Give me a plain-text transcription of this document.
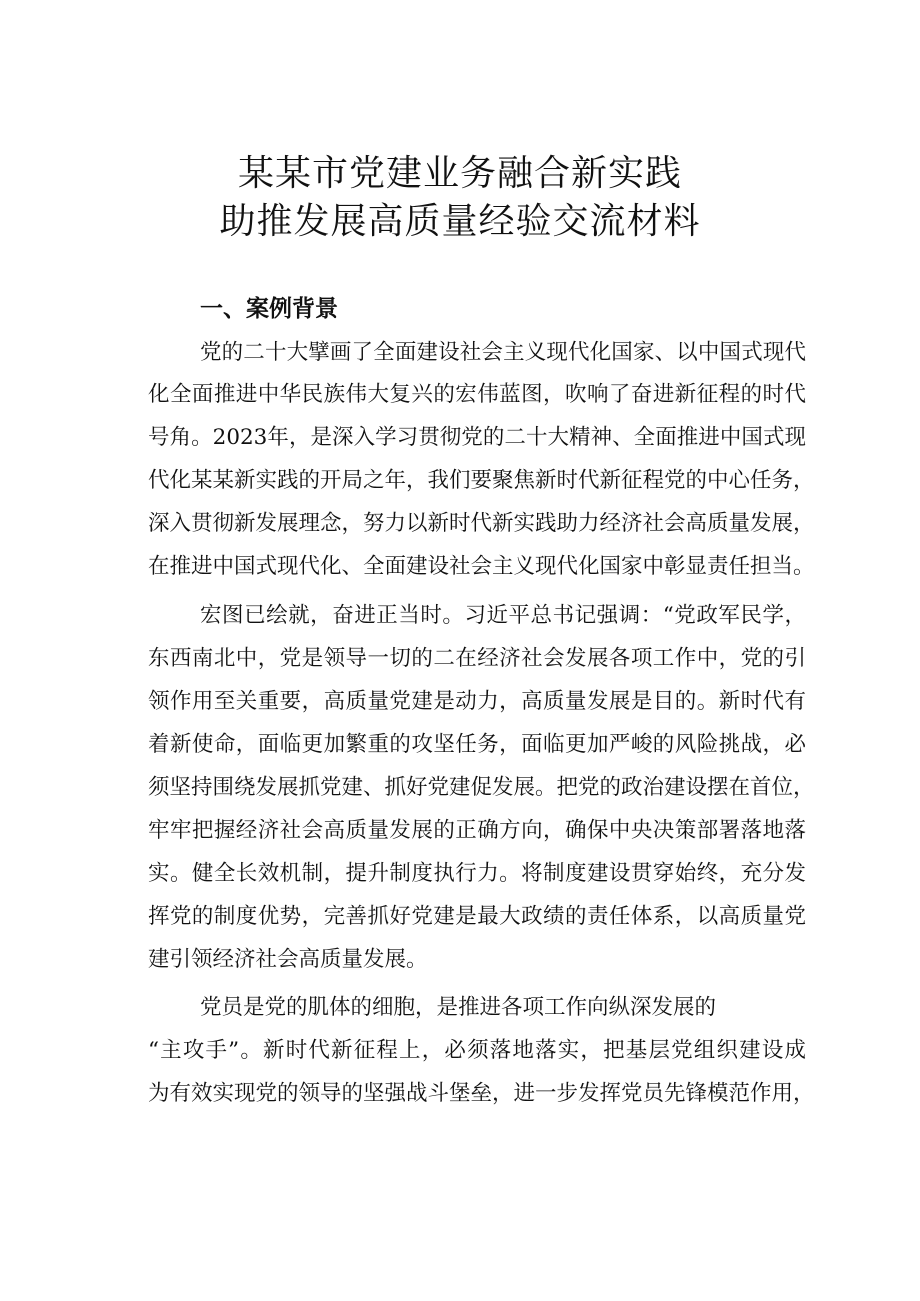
某某市党建业务融合新实践
助推发展高质量经验交流材料
一、案例背景

党的二十大擘画了全面建设社会主义现代化国家、以中国式现代

化全面推进中华民族伟大复兴的宏伟蓝图，吹响了奋进新征程的时代

号角。2023年，是深入学习贯彻党的二十大精神、全面推进中国式现

代化某某新实践的开局之年，我们要聚焦新时代新征程党的中心任务，

深入贯彻新发展理念，努力以新时代新实践助力经济社会高质量发展，

在推进中国式现代化、全面建设社会主义现代化国家中彰显责任担当。

宏图已绘就，奋进正当时。习近平总书记强调：“党政军民学，

东西南北中，党是领导一切的二在经济社会发展各项工作中，党的引

领作用至关重要，高质量党建是动力，高质量发展是目的。新时代有

着新使命，面临更加繁重的攻坚任务，面临更加严峻的风险挑战，必

须坚持围绕发展抓党建、抓好党建促发展。把党的政治建设摆在首位，

牢牢把握经济社会高质量发展的正确方向，确保中央决策部署落地落

实。健全长效机制，提升制度执行力。将制度建设贯穿始终，充分发

挥党的制度优势，完善抓好党建是最大政绩的责任体系，以高质量党

建引领经济社会高质量发展。

党员是党的肌体的细胞，是推进各项工作向纵深发展的

“主攻手”。新时代新征程上，必须落地落实，把基层党组织建设成

为有效实现党的领导的坚强战斗堡垒，进一步发挥党员先锋模范作用，
